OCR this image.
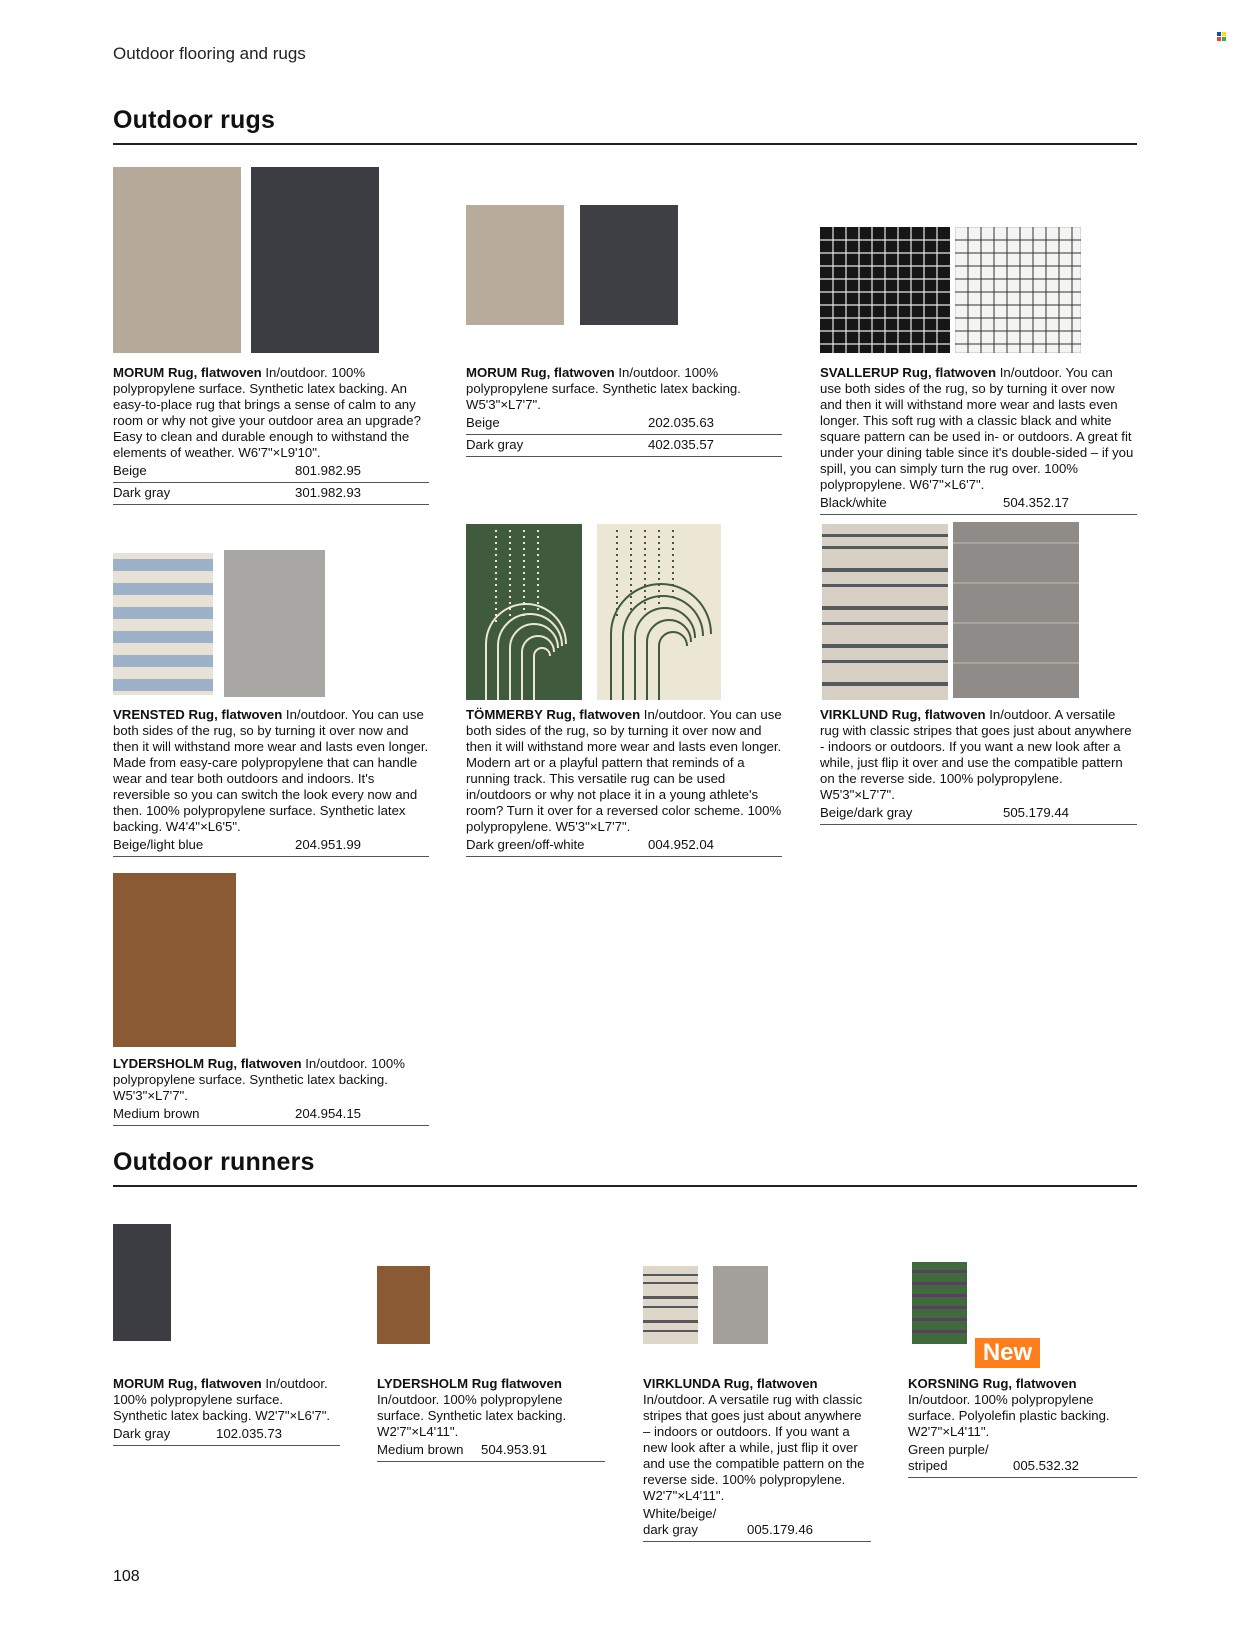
Outdoor flooring and rugs
Outdoor rugs
New
MORUM Rug, flatwoven In/outdoor. 100% polypropylene surface. Synthetic latex backing. An easy-to-place rug that brings a sense of calm to any room or why not give your outdoor area an upgrade? Easy to clean and durable enough to withstand the elements of weather. W6'7"×L9'10".
Beige	801.982.95
Dark gray	301.982.93
MORUM Rug, flatwoven In/outdoor. 100% polypropylene surface. Synthetic latex backing. W5'3"×L7'7".
Beige	202.035.63
Dark gray	402.035.57
SVALLERUP Rug, flatwoven In/outdoor. You can use both sides of the rug, so by turning it over now and then it will withstand more wear and lasts even longer. This soft rug with a classic black and white square pattern can be used in- or outdoors. A great fit under your dining table since it's double-sided – if you spill, you can simply turn the rug over. 100% polypropylene. W6'7"×L6'7".
Black/white	504.352.17
VRENSTED Rug, flatwoven In/outdoor. You can use both sides of the rug, so by turning it over now and then it will withstand more wear and lasts even longer. Made from easy-care polypropylene that can handle wear and tear both outdoors and indoors. It's reversible so you can switch the look every now and then. 100% polypropylene surface. Synthetic latex backing. W4'4"×L6'5".
Beige/light blue	204.951.99
TÖMMERBY Rug, flatwoven In/outdoor. You can use both sides of the rug, so by turning it over now and then it will withstand more wear and lasts even longer. Modern art or a playful pattern that reminds of a running track. This versatile rug can be used in/outdoors or why not place it in a young athlete's room? Turn it over for a reversed color scheme. 100% polypropylene. W5'3"×L7'7".
Dark green/off-white	004.952.04
VIRKLUND Rug, flatwoven In/outdoor. A versatile rug with classic stripes that goes just about anywhere - indoors or outdoors. If you want a new look after a while, just flip it over and use the compatible pattern on the reverse side. 100% polypropylene. W5'3"×L7'7".
Beige/dark gray	505.179.44
LYDERSHOLM Rug, flatwoven In/outdoor. 100% polypropylene surface. Synthetic latex backing. W5'3"×L7'7".
Medium brown	204.954.15
Outdoor runners
MORUM Rug, flatwoven In/outdoor. 100% polypropylene surface. Synthetic latex backing. W2'7"×L6'7".
Dark gray	102.035.73
LYDERSHOLM Rug flatwoven In/outdoor. 100% polypropylene surface. Synthetic latex backing. W2'7"×L4'11".
Medium brown	504.953.91
VIRKLUNDA Rug, flatwoven In/outdoor. A versatile rug with classic stripes that goes just about anywhere – indoors or outdoors. If you want a new look after a while, just flip it over and use the compatible pattern on the reverse side. 100% polypropylene. W2'7"×L4'11".
White/beige/ dark gray	005.179.46
KORSNING Rug, flatwoven In/outdoor. 100% polypropylene surface. Polyolefin plastic backing. W2'7"×L4'11".
Green purple/ striped	005.532.32
108
